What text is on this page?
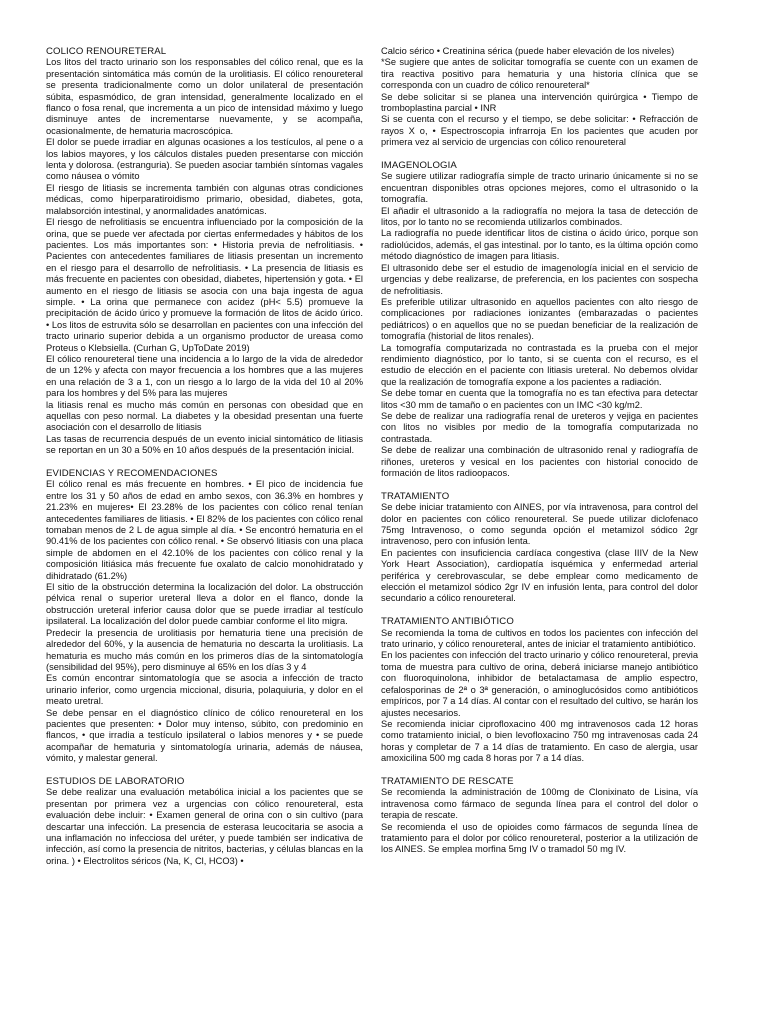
COLICO RENOURETERAL

Los litos del tracto urinario son los responsables del cólico renal, que es la presentación sintomática más común de la urolitiasis. El cólico renoureteral se presenta tradicionalmente como un dolor unilateral de presentación súbita, espasmódico, de gran intensidad, generalmente localizado en el flanco o fosa renal, que incrementa a un pico de intensidad máximo y luego disminuye antes de incrementarse nuevamente, y se acompaña, ocasionalmente, de hematuria macroscópica.

El dolor se puede irradiar en algunas ocasiones a los testículos, al pene o a los labios mayores, y los cálculos distales pueden presentarse con micción lenta y dolorosa. (estranguria). Se pueden asociar también síntomas vagales como náusea o vómito

El riesgo de litiasis se incrementa también con algunas otras condiciones médicas, como hiperparatiroidismo primario, obesidad, diabetes, gota, malabsorción intestinal, y anormalidades anatómicas.

El riesgo de nefrolitiasis se encuentra influenciado por la composición de la orina, que se puede ver afectada por ciertas enfermedades y hábitos de los pacientes. Los más importantes son: • Historia previa de nefrolitiasis. • Pacientes con antecedentes familiares de litiasis presentan un incremento en el riesgo para el desarrollo de nefrolitiasis. • La presencia de litiasis es más frecuente en pacientes con obesidad, diabetes, hipertensión y gota. • El aumento en el riesgo de litiasis se asocia con una baja ingesta de agua simple. • La orina que permanece con acidez (pH< 5.5) promueve la precipitación de ácido úrico y promueve la formación de litos de ácido úrico. • Los litos de estruvita sólo se desarrollan en pacientes con una infección del tracto urinario superior debida a un organismo productor de ureasa como Proteus o Klebsiella. (Curhan G, UpToDate 2019)

El cólico renoureteral tiene una incidencia a lo largo de la vida de alrededor de un 12% y afecta con mayor frecuencia a los hombres que a las mujeres en una relación de 3 a 1, con un riesgo a lo largo de la vida del 10 al 20% para los hombres y del 5% para las mujeres

la litiasis renal es mucho más común en personas con obesidad que en aquellas con peso normal. La diabetes y la obesidad presentan una fuerte asociación con el desarrollo de litiasis

Las tasas de recurrencia después de un evento inicial sintomático de litiasis se reportan en un 30 a 50% en 10 años después de la presentación inicial.

EVIDENCIAS Y RECOMENDACIONES

El cólico renal es más frecuente en hombres. • El pico de incidencia fue entre los 31 y 50 años de edad en ambo sexos, con 36.3% en hombres y 21.23% en mujeres• El 23.28% de los pacientes con cólico renal tenían antecedentes familiares de litiasis. • El 82% de los pacientes con cólico renal tomaban menos de 2 L de agua simple al día. • Se encontró hematuria en el 90.41% de los pacientes con cólico renal. • Se observó litiasis con una placa simple de abdomen en el 42.10% de los pacientes con cólico renal y la composición litiásica más frecuente fue oxalato de calcio monohidratado y dihidratado (61.2%)

El sitio de la obstrucción determina la localización del dolor. La obstrucción pélvica renal o superior ureteral lleva a dolor en el flanco, donde la obstrucción ureteral inferior causa dolor que se puede irradiar al testículo ipsilateral. La localización del dolor puede cambiar conforme el lito migra.

Predecir la presencia de urolitiasis por hematuria tiene una precisión de alrededor del 60%, y la ausencia de hematuria no descarta la urolitiasis. La hematuria es mucho más común en los primeros días de la sintomatología (sensibilidad del 95%), pero disminuye al 65% en los días 3 y 4

Es común encontrar sintomatología que se asocia a infección de tracto urinario inferior, como urgencia miccional, disuria, polaquiuria, y dolor en el meato uretral.

Se debe pensar en el diagnóstico clínico de cólico renoureteral en los pacientes que presenten: • Dolor muy intenso, súbito, con predominio en flancos, • que irradia a testículo ipsilateral o labios menores y • se puede acompañar de hematuria y sintomatología urinaria, además de náusea, vómito, y malestar general.

ESTUDIOS DE LABORATORIO

Se debe realizar una evaluación metabólica inicial a los pacientes que se presentan por primera vez a urgencias con cólico renoureteral, esta evaluación debe incluir: • Examen general de orina con o sin cultivo (para descartar una infección. La presencia de esterasa leucocitaria se asocia a una inflamación no infecciosa del uréter, y puede también ser indicativa de infección, así como la presencia de nitritos, bacterias, y células blancas en la orina. ) • Electrolitos séricos (Na, K, Cl, HCO3) •

Calcio sérico • Creatinina sérica (puede haber elevación de los niveles)

*Se sugiere que antes de solicitar tomografía se cuente con un examen de tira reactiva positivo para hematuria y una historia clínica que se corresponda con un cuadro de cólico renoureteral*

Se debe solicitar si se planea una intervención quirúrgica • Tiempo de tromboplastina parcial • INR

Si se cuenta con el recurso y el tiempo, se debe solicitar: • Refracción de rayos X o, • Espectroscopia infrarroja En los pacientes que acuden por primera vez al servicio de urgencias con cólico renoureteral

IMAGENOLOGIA

Se sugiere utilizar radiografía simple de tracto urinario únicamente si no se encuentran disponibles otras opciones mejores, como el ultrasonido o la tomografía.

El añadir el ultrasonido a la radiografía no mejora la tasa de detección de litos, por lo tanto no se recomienda utilizarlos combinados.

La radiografía no puede identificar litos de cistina o ácido úrico, porque son radiolúcidos, además, el gas intestinal. por lo tanto, es la última opción como método diagnóstico de imagen para litiasis.

El ultrasonido debe ser el estudio de imagenología inicial en el servicio de urgencias y debe realizarse, de preferencia, en los pacientes con sospecha de nefrolitiasis.

Es preferible utilizar ultrasonido en aquellos pacientes con alto riesgo de complicaciones por radiaciones ionizantes (embarazadas o pacientes pediátricos) o en aquellos que no se puedan beneficiar de la realización de tomografía (historial de litos renales).

La tomografía computarizada no contrastada es la prueba con el mejor rendimiento diagnóstico, por lo tanto, si se cuenta con el recurso, es el estudio de elección en el paciente con litiasis ureteral. No debemos olvidar que la realización de tomografía expone a los pacientes a radiación.

Se debe tomar en cuenta que la tomografía no es tan efectiva para detectar litos <30 mm de tamaño o en pacientes con un IMC <30 kg/m2.

Se debe de realizar una radiografía renal de ureteros y vejiga en pacientes con litos no visibles por medio de la tomografía computarizada no contrastada.

Se debe de realizar una combinación de ultrasonido renal y radiografía de riñones, ureteros y vesical en los pacientes con historial conocido de formación de litos radioopacos.

TRATAMIENTO

Se debe iniciar tratamiento con AINES, por vía intravenosa, para control del dolor en pacientes con cólico renoureteral. Se puede utilizar diclofenaco 75mg Intravenoso, o como segunda opción el metamizol sódico 2gr intravenoso, pero con infusión lenta.

En pacientes con insuficiencia cardíaca congestiva (clase IIIV de la New York Heart Association), cardiopatía isquémica y enfermedad arterial periférica y cerebrovascular, se debe emplear como medicamento de elección el metamizol sódico 2gr IV en infusión lenta, para control del dolor secundario a cólico renoureteral.

TRATAMIENTO ANTIBIÓTICO

Se recomienda la toma de cultivos en todos los pacientes con infección del trato urinario, y cólico renoureteral, antes de iniciar el tratamiento antibiótico.

En los pacientes con infección del tracto urinario y cólico renoureteral, previa toma de muestra para cultivo de orina, deberá iniciarse manejo antibiótico con fluoroquinolona, inhibidor de betalactamasa de amplio espectro, cefalosporinas de 2ª o 3ª generación, o aminoglucósidos como antibióticos empíricos, por 7 a 14 días. Al contar con el resultado del cultivo, se harán los ajustes necesarios.

Se recomienda iniciar ciprofloxacino 400 mg intravenosos cada 12 horas como tratamiento inicial, o bien levofloxacino 750 mg intravenosas cada 24 horas y completar de 7 a 14 días de tratamiento. En caso de alergia, usar amoxicilina 500 mg cada 8 horas por 7 a 14 días.

TRATAMIENTO DE RESCATE

Se recomienda la administración de 100mg de Clonixinato de Lisina, vía intravenosa como fármaco de segunda línea para el control del dolor o terapia de rescate.

Se recomienda el uso de opioides como fármacos de segunda línea de tratamiento para el dolor por cólico renoureteral, posterior a la utilización de los AINES. Se emplea morfina 5mg IV o tramadol 50 mg IV.
